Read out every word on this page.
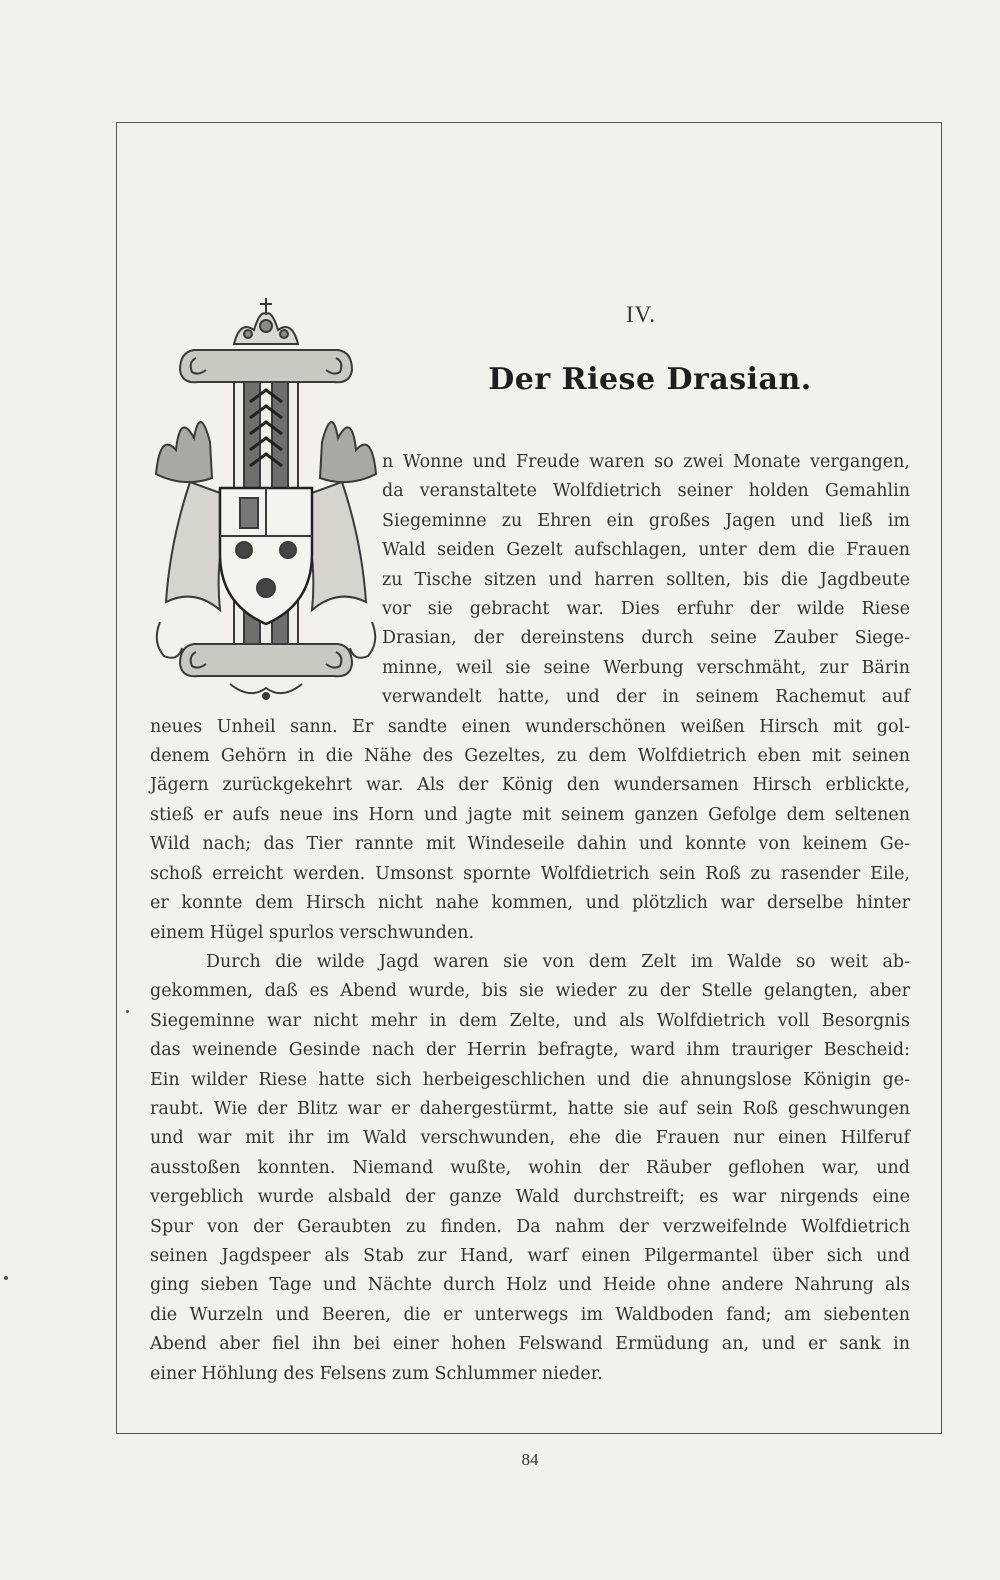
IV.
Der Riese Drasian.
n Wonne und Freude waren so zwei Monate vergangen,
da veranstaltete Wolfdietrich seiner holden Gemahlin
Siegeminne zu Ehren ein großes Jagen und ließ im
Wald seiden Gezelt aufschlagen, unter dem die Frauen
zu Tische sitzen und harren sollten, bis die Jagdbeute
vor sie gebracht war. Dies erfuhr der wilde Riese
Drasian, der dereinstens durch seine Zauber Siege-
minne, weil sie seine Werbung verschmäht, zur Bärin
verwandelt hatte, und der in seinem Rachemut auf
neues Unheil sann. Er sandte einen wunderschönen weißen Hirsch mit gol-
denem Gehörn in die Nähe des Gezeltes, zu dem Wolfdietrich eben mit seinen
Jägern zurückgekehrt war. Als der König den wundersamen Hirsch erblickte,
stieß er aufs neue ins Horn und jagte mit seinem ganzen Gefolge dem seltenen
Wild nach; das Tier rannte mit Windeseile dahin und konnte von keinem Ge-
schoß erreicht werden. Umsonst spornte Wolfdietrich sein Roß zu rasender Eile,
er konnte dem Hirsch nicht nahe kommen, und plötzlich war derselbe hinter
einem Hügel spurlos verschwunden.
Durch die wilde Jagd waren sie von dem Zelt im Walde so weit ab-
gekommen, daß es Abend wurde, bis sie wieder zu der Stelle gelangten, aber
Siegeminne war nicht mehr in dem Zelte, und als Wolfdietrich voll Besorgnis
das weinende Gesinde nach der Herrin befragte, ward ihm trauriger Bescheid:
Ein wilder Riese hatte sich herbeigeschlichen und die ahnungslose Königin ge-
raubt. Wie der Blitz war er dahergestürmt, hatte sie auf sein Roß geschwungen
und war mit ihr im Wald verschwunden, ehe die Frauen nur einen Hilferuf
ausstoßen konnten. Niemand wußte, wohin der Räuber geflohen war, und
vergeblich wurde alsbald der ganze Wald durchstreift; es war nirgends eine
Spur von der Geraubten zu finden. Da nahm der verzweifelnde Wolfdietrich
seinen Jagdspeer als Stab zur Hand, warf einen Pilgermantel über sich und
ging sieben Tage und Nächte durch Holz und Heide ohne andere Nahrung als
die Wurzeln und Beeren, die er unterwegs im Waldboden fand; am siebenten
Abend aber fiel ihn bei einer hohen Felswand Ermüdung an, und er sank in
einer Höhlung des Felsens zum Schlummer nieder.
84
